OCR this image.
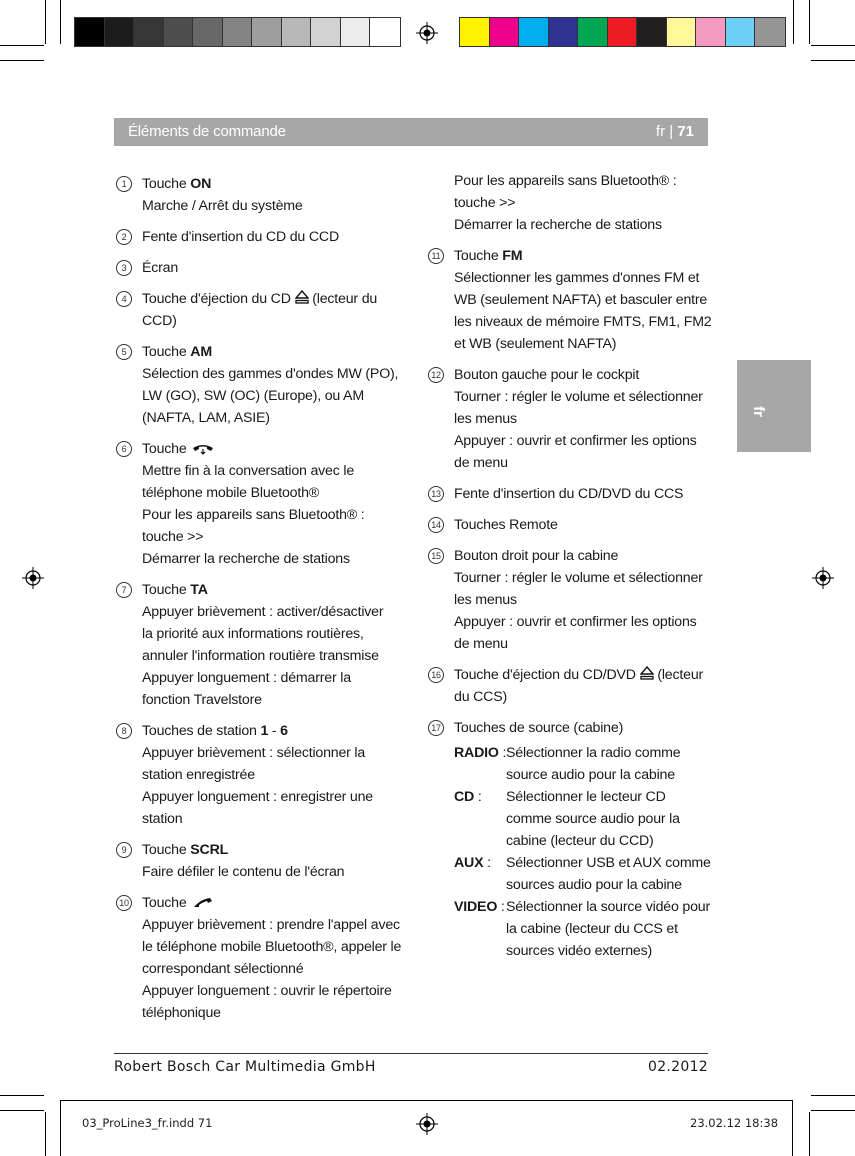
Éléments de commande	fr | 71
fr
1	Touche ON
Marche / Arrêt du système
2	Fente d'insertion du CD du CCD
3	Écran
4	Touche d'éjection du CD  (lecteur du
CCD)
5	Touche AM
Sélection des gammes d'ondes MW (PO),
LW (GO), SW (OC) (Europe), ou AM
(NAFTA, LAM, ASIE)
6	Touche
Mettre fin à la conversation avec le
téléphone mobile Bluetooth®
Pour les appareils sans Bluetooth® :
touche >>
Démarrer la recherche de stations
7	Touche TA
Appuyer brièvement : activer/désactiver
la priorité aux informations routières,
annuler l'information routière transmise
Appuyer longuement : démarrer la
fonction Travelstore
8	Touches de station 1 - 6
Appuyer brièvement : sélectionner la
station enregistrée
Appuyer longuement : enregistrer une
station
9	Touche SCRL
Faire défiler le contenu de l'écran
10 Touche
Appuyer brièvement : prendre l'appel avec
le téléphone mobile Bluetooth®, appeler le
correspondant sélectionné
Appuyer longuement : ouvrir le répertoire
téléphonique
Pour les appareils sans Bluetooth® :
touche >>
Démarrer la recherche de stations
11 Touche FM
Sélectionner les gammes d'onnes FM et
WB (seulement NAFTA) et basculer entre
les niveaux de mémoire FMTS, FM1, FM2
et WB (seulement NAFTA)
12 Bouton gauche pour le cockpit
Tourner : régler le volume et sélectionner
les menus
Appuyer : ouvrir et confirmer les options
de menu
13 Fente d'insertion du CD/DVD du CCS
14 Touches Remote
15 Bouton droit pour la cabine
Tourner : régler le volume et sélectionner
les menus
Appuyer : ouvrir et confirmer les options
de menu
16 Touche d'éjection du CD/DVD  (lecteur
du CCS)
17 Touches de source (cabine)
RADIO : Sélectionner la radio comme
source audio pour la cabine
CD :	Sélectionner le lecteur CD
comme source audio pour la
cabine (lecteur du CCD)
AUX :	Sélectionner USB et AUX comme
sources audio pour la cabine
VIDEO : Sélectionner la source vidéo pour
la cabine (lecteur du CCS et
sources vidéo externes)
Robert Bosch Car Multimedia GmbH	02.2012
03_ProLine3_fr.indd 71	23.02.12 18:38
